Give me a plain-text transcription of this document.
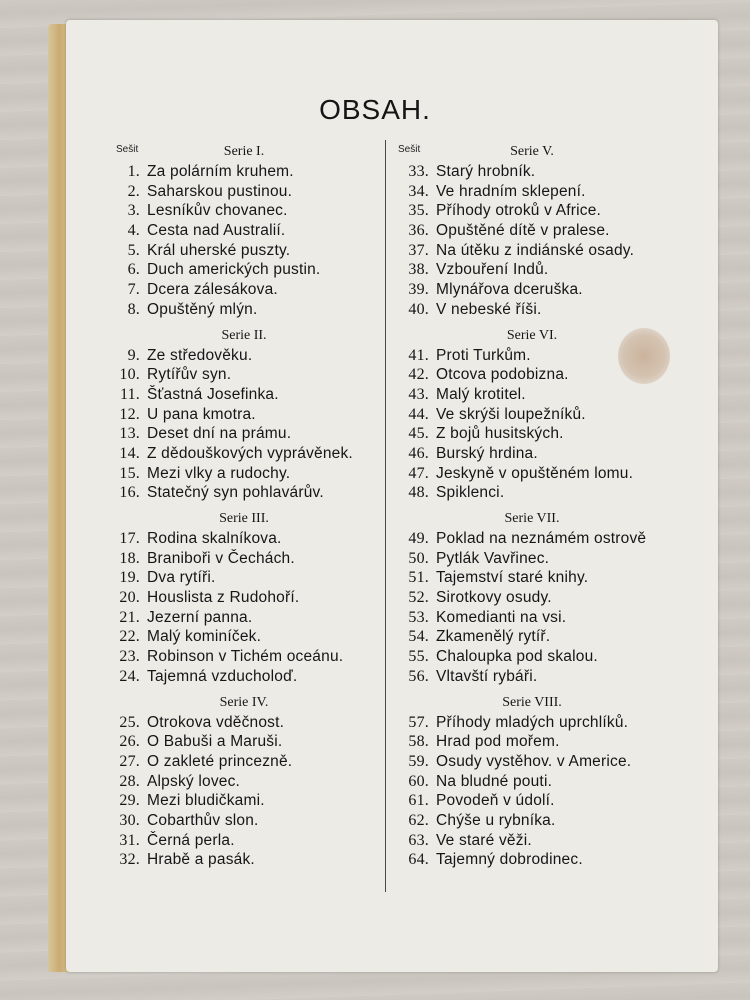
OBSAH.
Sešit	Sešit
Serie I.
1. Za polárním kruhem.
2. Saharskou pustinou.
3. Lesníkův chovanec.
4. Cesta nad Australií.
5. Král uherské puszty.
6. Duch amerických pustin.
7. Dcera zálesákova.
8. Opuštěný mlýn.
Serie II.
9. Ze středověku.
10. Rytířův syn.
11. Šťastná Josefinka.
12. U pana kmotra.
13. Deset dní na prámu.
14. Z dědouškových vyprávěnek.
15. Mezi vlky a rudochy.
16. Statečný syn pohlavárův.
Serie III.
17. Rodina skalníkova.
18. Braniboři v Čechách.
19. Dva rytíři.
20. Houslista z Rudohoří.
21. Jezerní panna.
22. Malý kominíček.
23. Robinson v Tichém oceánu.
24. Tajemná vzducholoď.
Serie IV.
25. Otrokova vděčnost.
26. O Babuši a Maruši.
27. O zakleté princezně.
28. Alpský lovec.
29. Mezi bludičkami.
30. Cobarthův slon.
31. Černá perla.
32. Hrabě a pasák.
Serie V.
33. Starý hrobník.
34. Ve hradním sklepení.
35. Příhody otroků v Africe.
36. Opuštěné dítě v pralese.
37. Na útěku z indiánské osady.
38. Vzbouření Indů.
39. Mlynářova dceruška.
40. V nebeské říši.
Serie VI.
41. Proti Turkům.
42. Otcova podobizna.
43. Malý krotitel.
44. Ve skrýši loupežníků.
45. Z bojů husitských.
46. Burský hrdina.
47. Jeskyně v opuštěném lomu.
48. Spiklenci.
Serie VII.
49. Poklad na neznámém ostrově
50. Pytlák Vavřinec.
51. Tajemství staré knihy.
52. Sirotkovy osudy.
53. Komedianti na vsi.
54. Zkamenělý rytíř.
55. Chaloupka pod skalou.
56. Vltavští rybáři.
Serie VIII.
57. Příhody mladých uprchlíků.
58. Hrad pod mořem.
59. Osudy vystěhov. v Americe.
60. Na bludné pouti.
61. Povodeň v údolí.
62. Chýše u rybníka.
63. Ve staré věži.
64. Tajemný dobrodinec.
